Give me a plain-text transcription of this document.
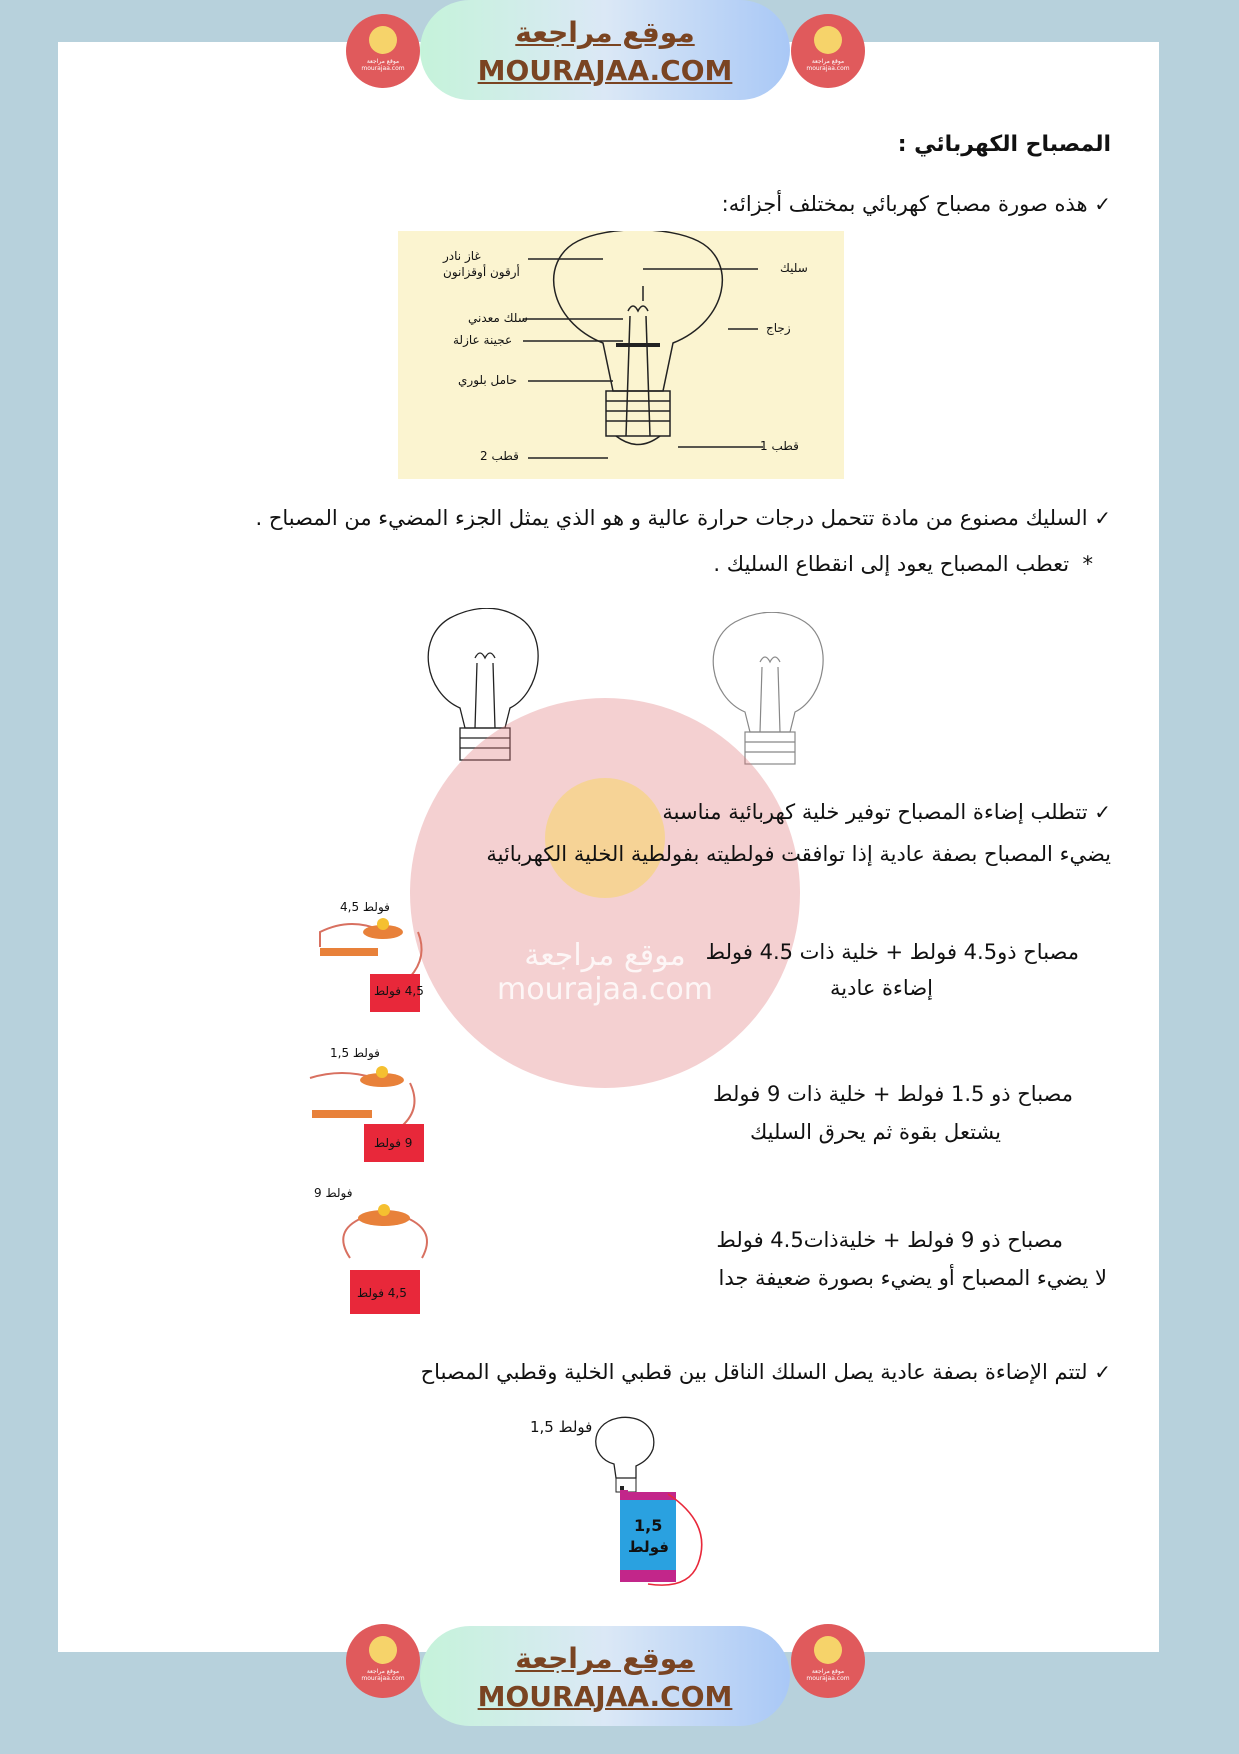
موقع مراجعة mourajaa.com
موقع مراجعة
MOURAJAA.COM	موقع مراجعة mourajaa.com
المصباح الكهربائي :
✓ هذه صورة مصباح كهربائي بمختلف أجزائه:
غاز نادر
أرقون أوقزانون	سليك
سلك معدني
زجاج
عجينة عازلة
حامل بلوري
قطب 1
قطب 2
✓ السليك مصنوع من مادة تتحمل درجات حرارة عالية و هو الذي يمثل الجزء المضيء من المصباح .
*  تعطب المصباح يعود إلى انقطاع السليك .
موقع مراجعة
mourajaa.com
✓ تتطلب إضاءة المصباح توفير خلية كهربائية مناسبة
يضيء المصباح بصفة عادية إذا توافقت فولطيته بفولطية الخلية الكهربائية
4,5 فولط
4,5 فولط
مصباح ذو4.5 فولط + خلية ذات 4.5 فولط
إضاءة عادية
1,5 فولط
9 فولط
مصباح ذو 1.5 فولط + خلية ذات 9 فولط
يشتعل بقوة ثم يحرق السليك
9 فولط
4,5 فولط
مصباح ذو 9 فولط + خليةذات4.5 فولط
لا يضيء المصباح أو يضيء بصورة ضعيفة جدا
✓ لتتم الإضاءة بصفة عادية يصل السلك الناقل بين قطبي الخلية وقطبي المصباح
1,5 فولط
1,5
فولط
موقع مراجعة mourajaa.com
موقع مراجعة
MOURAJAA.COM
موقع مراجعة mourajaa.com
